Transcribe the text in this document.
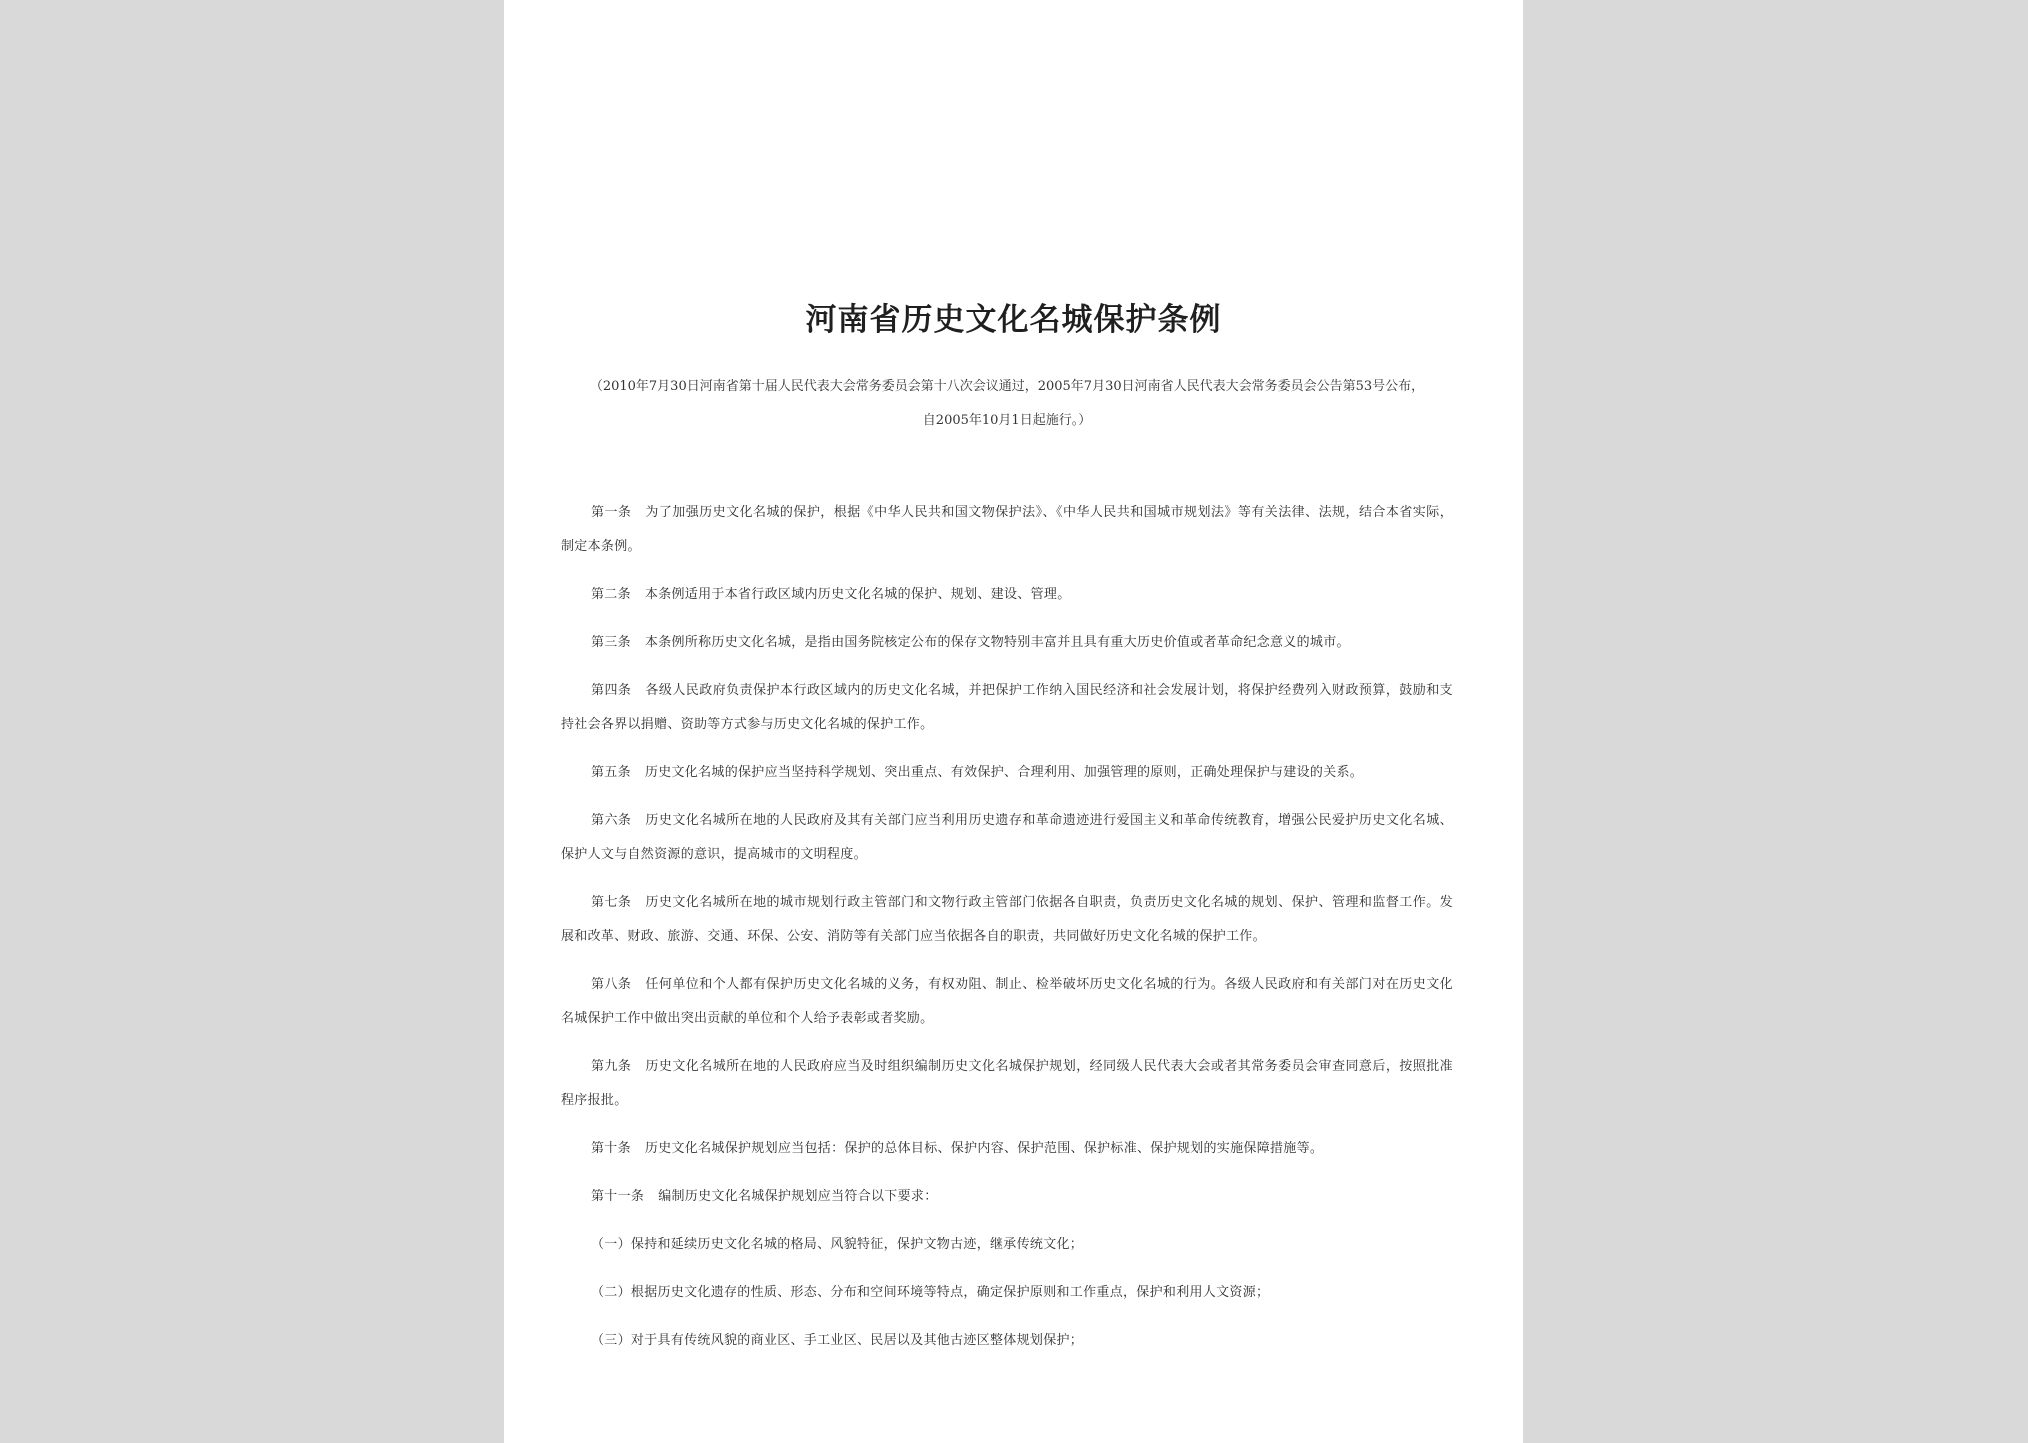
河南省历史文化名城保护条例
（2010年7月30日河南省第十届人民代表大会常务委员会第十八次会议通过，2005年7月30日河南省人民代表大会常务委员会公告第53号公布，
自2005年10月1日起施行。）

第一条 为了加强历史文化名城的保护，根据《中华人民共和国文物保护法》、《中华人民共和国城市规划法》等有关法律、法规，结合本省实际，制定本条例。

第二条 本条例适用于本省行政区域内历史文化名城的保护、规划、建设、管理。

第三条 本条例所称历史文化名城，是指由国务院核定公布的保存文物特别丰富并且具有重大历史价值或者革命纪念意义的城市。

第四条 各级人民政府负责保护本行政区域内的历史文化名城，并把保护工作纳入国民经济和社会发展计划，将保护经费列入财政预算，鼓励和支持社会各界以捐赠、资助等方式参与历史文化名城的保护工作。

第五条 历史文化名城的保护应当坚持科学规划、突出重点、有效保护、合理利用、加强管理的原则，正确处理保护与建设的关系。

第六条 历史文化名城所在地的人民政府及其有关部门应当利用历史遗存和革命遗迹进行爱国主义和革命传统教育，增强公民爱护历史文化名城、保护人文与自然资源的意识，提高城市的文明程度。

第七条 历史文化名城所在地的城市规划行政主管部门和文物行政主管部门依据各自职责，负责历史文化名城的规划、保护、管理和监督工作。发展和改革、财政、旅游、交通、环保、公安、消防等有关部门应当依据各自的职责，共同做好历史文化名城的保护工作。

第八条 任何单位和个人都有保护历史文化名城的义务，有权劝阻、制止、检举破坏历史文化名城的行为。各级人民政府和有关部门对在历史文化名城保护工作中做出突出贡献的单位和个人给予表彰或者奖励。

第九条 历史文化名城所在地的人民政府应当及时组织编制历史文化名城保护规划，经同级人民代表大会或者其常务委员会审查同意后，按照批准程序报批。

第十条 历史文化名城保护规划应当包括：保护的总体目标、保护内容、保护范围、保护标准、保护规划的实施保障措施等。

第十一条 编制历史文化名城保护规划应当符合以下要求：

（一）保持和延续历史文化名城的格局、风貌特征，保护文物古迹，继承传统文化；

（二）根据历史文化遗存的性质、形态、分布和空间环境等特点，确定保护原则和工作重点，保护和利用人文资源；

（三）对于具有传统风貌的商业区、手工业区、民居以及其他古迹区整体规划保护；
